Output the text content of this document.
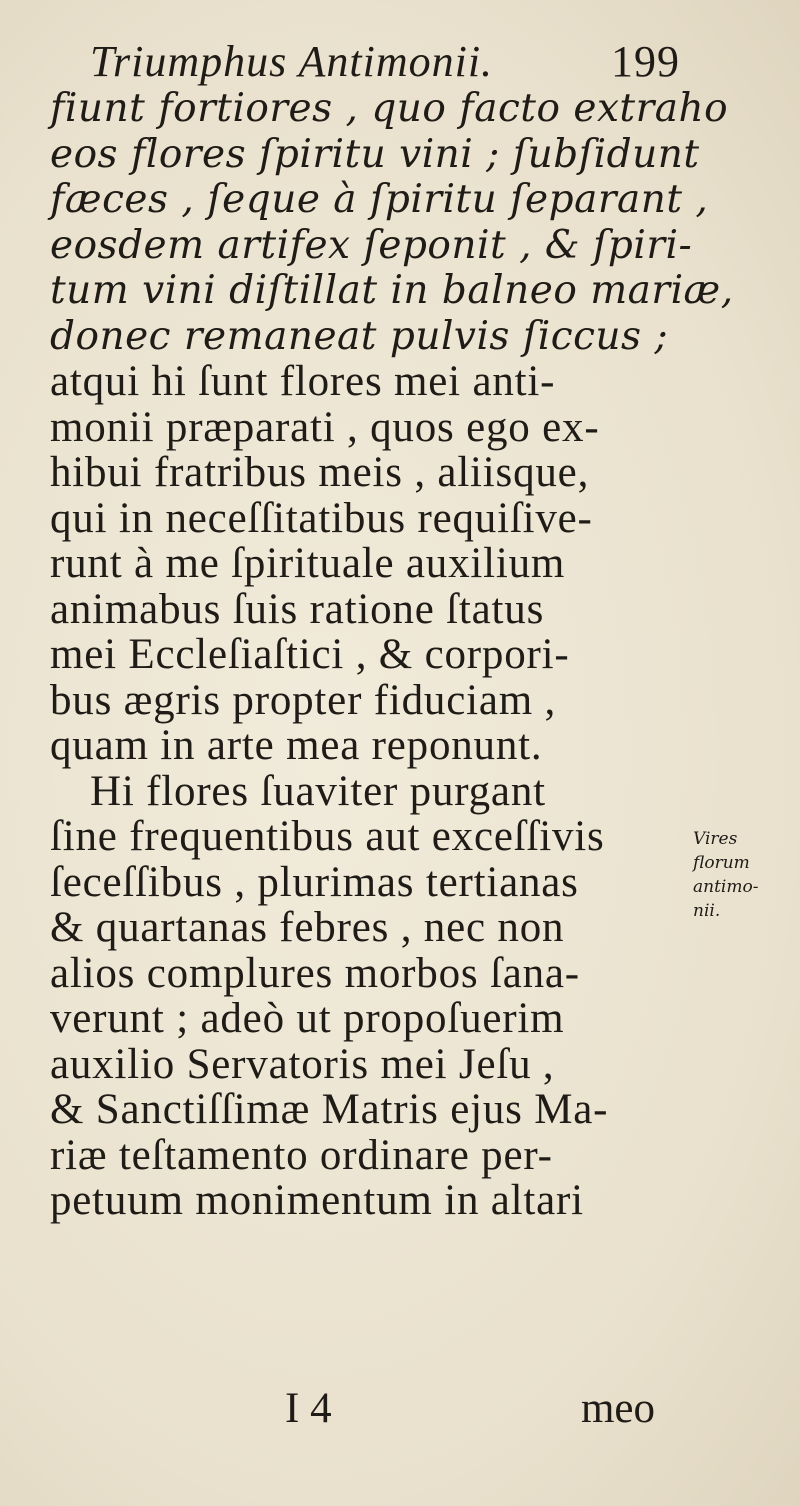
Triumphus Antimonii.	199
fiunt fortiores , quo facto extraho
eos flores ſpiritu vini ; ſubſidunt
fæces , ſeque à ſpiritu ſeparant ,
eosdem artifex ſeponit , & ſpiri-
tum vini diſtillat in balneo mariæ,
donec remaneat pulvis ſiccus ;
atqui hi ſunt flores mei anti-
monii præparati , quos ego ex-
hibui fratribus meis , aliisque,
qui in neceſſitatibus requiſive-
runt à me ſpirituale auxilium
animabus ſuis ratione ſtatus
mei Eccleſiaſtici , & corpori-
bus ægris propter fiduciam ,
quam in arte mea reponunt.
Hi flores ſuaviter purgant
ſine frequentibus aut exceſſivis
ſeceſſibus , plurimas tertianas
& quartanas febres , nec non
alios complures morbos ſana-
verunt ; adeò ut propoſuerim
auxilio Servatoris mei Jeſu ,
& Sanctiſſimæ Matris ejus Ma-
riæ teſtamento ordinare per-
petuum monimentum in altari
Vires
florum
antimo-
nii.
I 4	meo
